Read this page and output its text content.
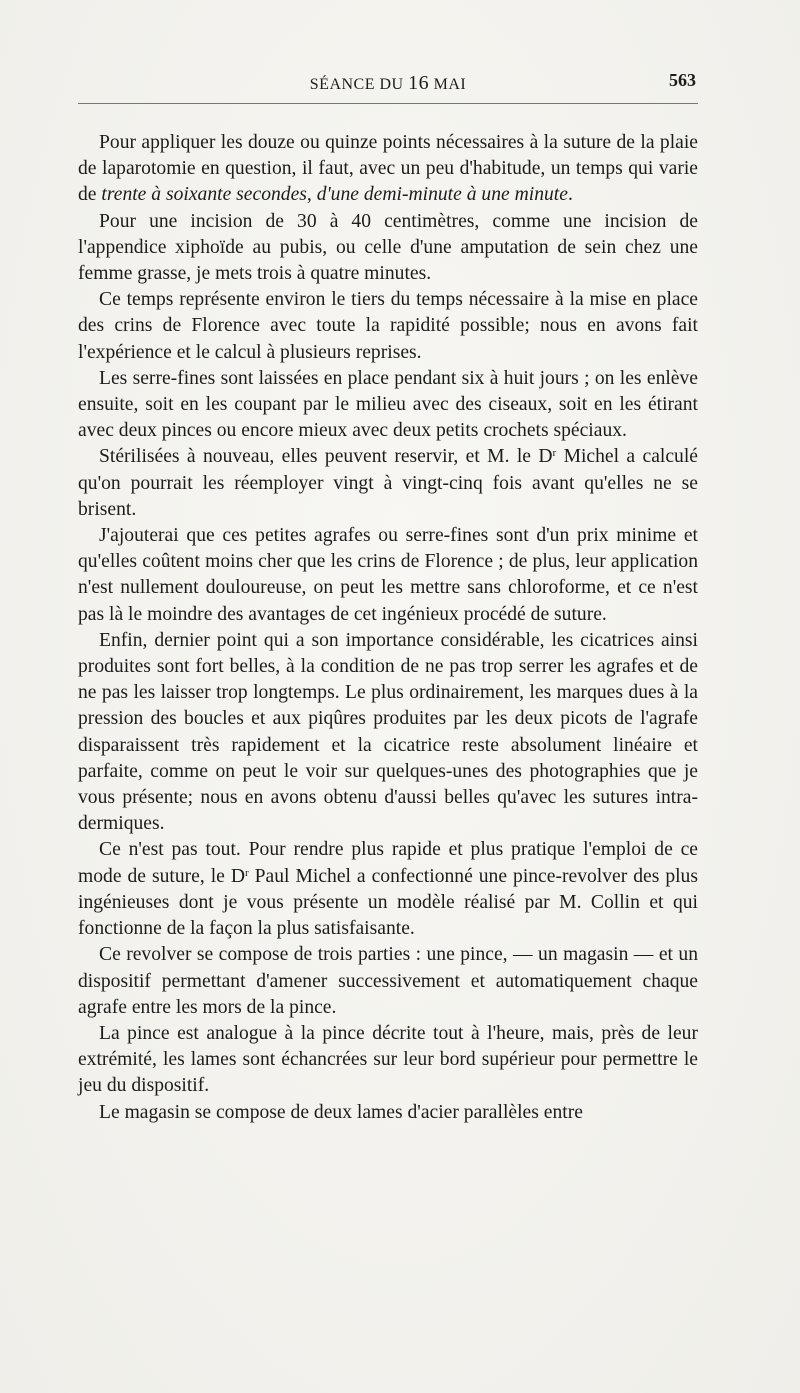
SÉANCE DU 16 MAI	563

Pour appliquer les douze ou quinze points nécessaires à la suture de la plaie de laparotomie en question, il faut, avec un peu d'habitude, un temps qui varie de trente à soixante secondes, d'une demi-minute à une minute.

Pour une incision de 30 à 40 centimètres, comme une incision de l'appendice xiphoïde au pubis, ou celle d'une amputation de sein chez une femme grasse, je mets trois à quatre minutes.

Ce temps représente environ le tiers du temps nécessaire à la mise en place des crins de Florence avec toute la rapidité possible; nous en avons fait l'expérience et le calcul à plusieurs reprises.

Les serre-fines sont laissées en place pendant six à huit jours ; on les enlève ensuite, soit en les coupant par le milieu avec des ciseaux, soit en les étirant avec deux pinces ou encore mieux avec deux petits crochets spéciaux.

Stérilisées à nouveau, elles peuvent reservir, et M. le $D^r$ Michel a calculé qu'on pourrait les réemployer vingt à vingt-cinq fois avant qu'elles ne se brisent.

J'ajouterai que ces petites agrafes ou serre-fines sont d'un prix minime et qu'elles coûtent moins cher que les crins de Florence ; de plus, leur application n'est nullement douloureuse, on peut les mettre sans chloroforme, et ce n'est pas là le moindre des avantages de cet ingénieux procédé de suture.

Enfin, dernier point qui a son importance considérable, les cicatrices ainsi produites sont fort belles, à la condition de ne pas trop serrer les agrafes et de ne pas les laisser trop longtemps. Le plus ordinairement, les marques dues à la pression des boucles et aux piqûres produites par les deux picots de l'agrafe disparaissent très rapidement et la cicatrice reste absolument linéaire et parfaite, comme on peut le voir sur quelques-unes des photographies que je vous présente; nous en avons obtenu d'aussi belles qu'avec les sutures intra-dermiques.

Ce n'est pas tout. Pour rendre plus rapide et plus pratique l'emploi de ce mode de suture, le $D^r$ Paul Michel a confectionné une pince-revolver des plus ingénieuses dont je vous présente un modèle réalisé par M. Collin et qui fonctionne de la façon la plus satisfaisante.

Ce revolver se compose de trois parties : une pince, — un magasin — et un dispositif permettant d'amener successivement et automatiquement chaque agrafe entre les mors de la pince.

La pince est analogue à la pince décrite tout à l'heure, mais, près de leur extrémité, les lames sont échancrées sur leur bord supérieur pour permettre le jeu du dispositif.

Le magasin se compose de deux lames d'acier parallèles entre
